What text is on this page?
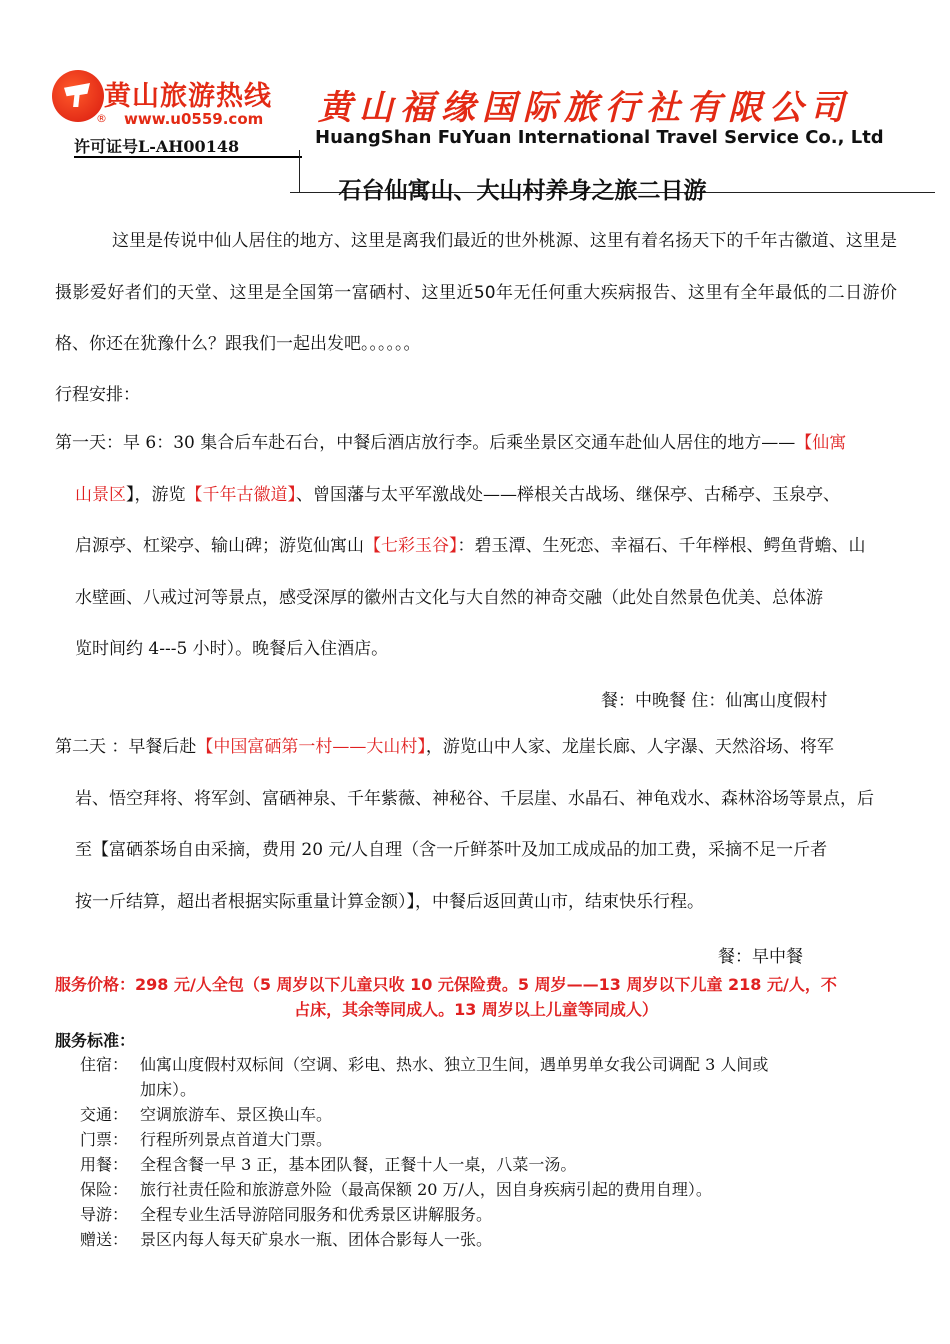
黄山旅游热线
® www.u0559.com
许可证号L-AH00148
黄山福缘国际旅行社有限公司
HuangShan FuYuan International Travel Service Co., Ltd
石台仙寓山、大山村养身之旅二日游
这里是传说中仙人居住的地方、这里是离我们最近的世外桃源、这里有着名扬天下的千年古徽道、这里是摄影爱好者们的天堂、这里是全国第一富硒村、这里近50年无任何重大疾病报告、这里有全年最低的二日游价格、你还在犹豫什么？跟我们一起出发吧。。。。。。
行程安排：
第一天：早 6：30 集合后车赴石台，中餐后酒店放行李。后乘坐景区交通车赴仙人居住的地方——【仙寓
山景区】，游览【千年古徽道】、曾国藩与太平军激战处——榉根关古战场、继保亭、古稀亭、玉泉亭、
启源亭、杠梁亭、输山碑；游览仙寓山【七彩玉谷】：碧玉潭、生死恋、幸福石、千年榉根、鳄鱼背蟾、山
水壁画、八戒过河等景点，感受深厚的徽州古文化与大自然的神奇交融（此处自然景色优美、总体游
览时间约 4---5 小时）。晚餐后入住酒店。
餐：中晚餐 住：仙寓山度假村
第二天 ：早餐后赴【中国富硒第一村——大山村】，游览山中人家、龙崖长廊、人字瀑、天然浴场、将军
岩、悟空拜将、将军剑、富硒神泉、千年紫薇、神秘谷、千层崖、水晶石、神龟戏水、森林浴场等景点，后
至【富硒茶场自由采摘，费用 20 元/人自理（含一斤鲜茶叶及加工成成品的加工费，采摘不足一斤者
按一斤结算，超出者根据实际重量计算金额）】，中餐后返回黄山市，结束快乐行程。
餐：早中餐
服务价格：298 元/人全包（5 周岁以下儿童只收 10 元保险费。5 周岁——13 周岁以下儿童 218 元/人，不
占床，其余等同成人。13 周岁以上儿童等同成人）
服务标准：
住宿： 仙寓山度假村双标间（空调、彩电、热水、独立卫生间，遇单男单女我公司调配 3 人间或
加床）。
交通： 空调旅游车、景区换山车。
门票： 行程所列景点首道大门票。
用餐： 全程含餐一早 3 正，基本团队餐，正餐十人一桌，八菜一汤。
保险： 旅行社责任险和旅游意外险（最高保额 20 万/人，因自身疾病引起的费用自理）。
导游： 全程专业生活导游陪同服务和优秀景区讲解服务。
赠送： 景区内每人每天矿泉水一瓶、团体合影每人一张。
